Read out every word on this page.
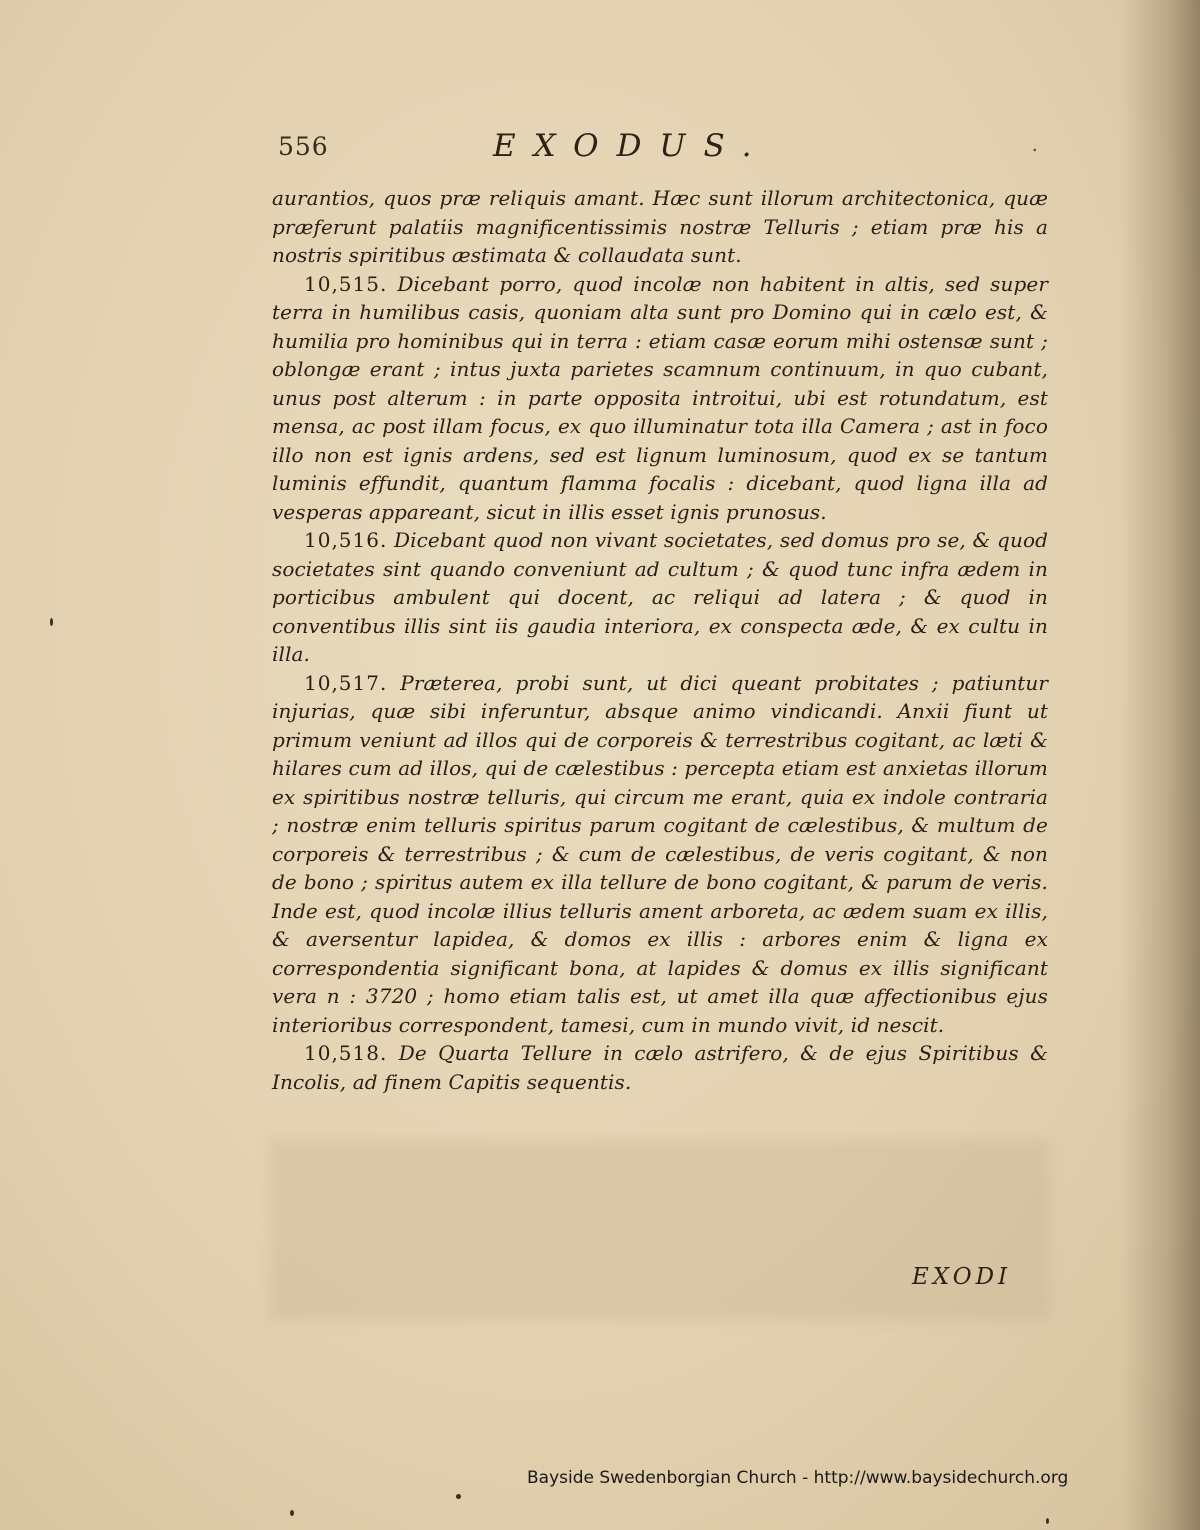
556	EXODUS.	.

aurantios, quos præ reliquis amant. Hæc sunt illorum architectonica, quæ præferunt palatiis magnificentissimis nostræ Telluris ; etiam præ his a nostris spiritibus æstimata & collaudata sunt.

10,515. Dicebant porro, quod incolæ non habitent in altis, sed super terra in humilibus casis, quoniam alta sunt pro Domino qui in cælo est, & humilia pro hominibus qui in terra : etiam casæ eorum mihi ostensæ sunt ; oblongæ erant ; intus juxta parietes scamnum continuum, in quo cubant, unus post alterum : in parte opposita introitui, ubi est rotundatum, est mensa, ac post illam focus, ex quo illuminatur tota illa Camera ; ast in foco illo non est ignis ardens, sed est lignum luminosum, quod ex se tantum luminis effundit, quantum flamma focalis : dicebant, quod ligna illa ad vesperas appareant, sicut in illis esset ignis prunosus.

10,516. Dicebant quod non vivant societates, sed domus pro se, & quod societates sint quando conveniunt ad cultum ; & quod tunc infra ædem in porticibus ambulent qui docent, ac reliqui ad latera ; & quod in conventibus illis sint iis gaudia interiora, ex conspecta æde, & ex cultu in illa.

10,517. Præterea, probi sunt, ut dici queant probitates ; patiuntur injurias, quæ sibi inferuntur, absque animo vindicandi. Anxii fiunt ut primum veniunt ad illos qui de corporeis & terrestribus cogitant, ac læti & hilares cum ad illos, qui de cælestibus : percepta etiam est anxietas illorum ex spiritibus nostræ telluris, qui circum me erant, quia ex indole contraria ; nostræ enim telluris spiritus parum cogitant de cælestibus, & multum de corporeis & terrestribus ; & cum de cælestibus, de veris cogitant, & non de bono ; spiritus autem ex illa tellure de bono cogitant, & parum de veris. Inde est, quod incolæ illius telluris ament arboreta, ac ædem suam ex illis, & aversentur lapidea, & domos ex illis : arbores enim & ligna ex correspondentia significant bona, at lapides & domus ex illis significant vera n : 3720 ; homo etiam talis est, ut amet illa quæ affectionibus ejus interioribus correspondent, tamesi, cum in mundo vivit, id nescit.

10,518. De Quarta Tellure in cælo astrifero, & de ejus Spiritibus & Incolis, ad finem Capitis sequentis.

EXODI
Bayside Swedenborgian Church - http://www.baysidechurch.org
